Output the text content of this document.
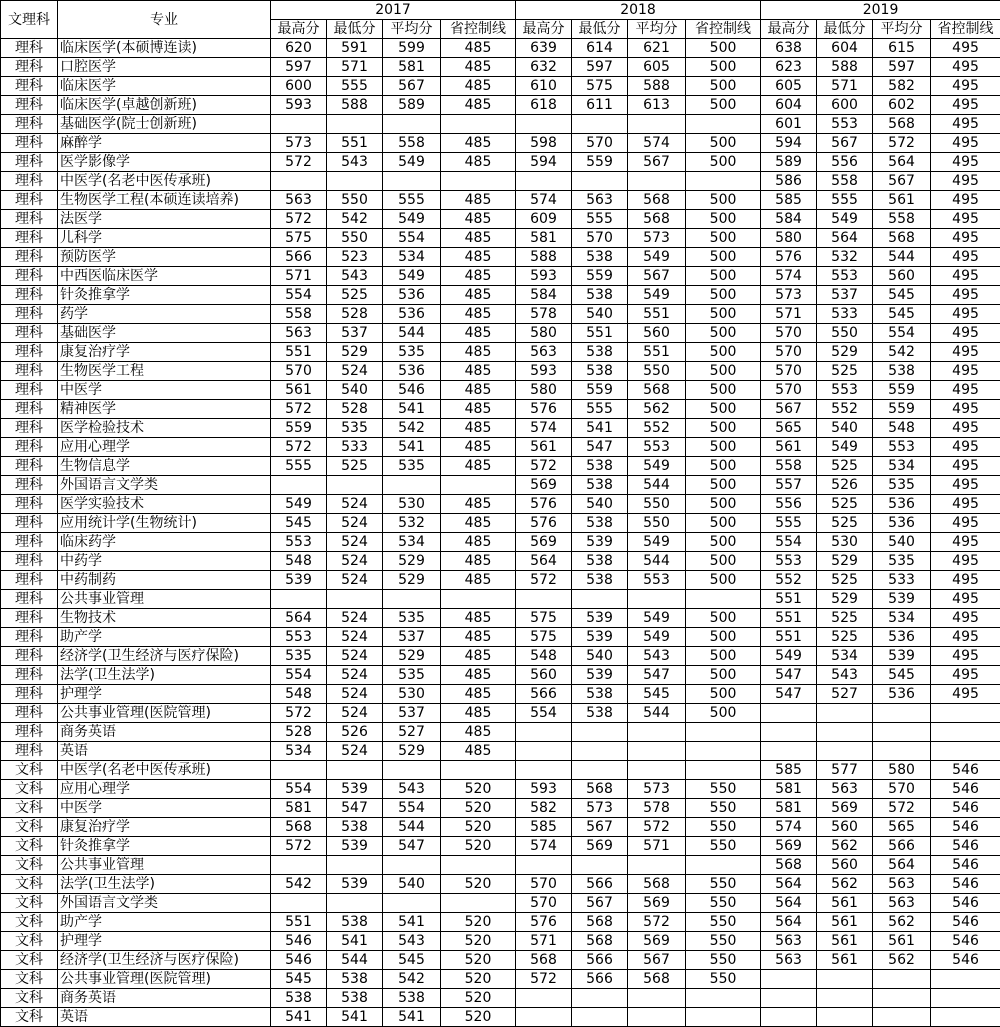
文理科	专业	2017				2018				2019			
		最高分	最低分	平均分	省控制线	最高分	最低分	平均分	省控制线	最高分	最低分	平均分	省控制线
理科	临床医学(本硕博连读)	620	591	599	485	639	614	621	500	638	604	615	495
理科	口腔医学	597	571	581	485	632	597	605	500	623	588	597	495
理科	临床医学	600	555	567	485	610	575	588	500	605	571	582	495
理科	临床医学(卓越创新班)	593	588	589	485	618	611	613	500	604	600	602	495
理科	基础医学(院士创新班)									601	553	568	495
理科	麻醉学	573	551	558	485	598	570	574	500	594	567	572	495
理科	医学影像学	572	543	549	485	594	559	567	500	589	556	564	495
理科	中医学(名老中医传承班)									586	558	567	495
理科	生物医学工程(本硕连读培养)	563	550	555	485	574	563	568	500	585	555	561	495
理科	法医学	572	542	549	485	609	555	568	500	584	549	558	495
理科	儿科学	575	550	554	485	581	570	573	500	580	564	568	495
理科	预防医学	566	523	534	485	588	538	549	500	576	532	544	495
理科	中西医临床医学	571	543	549	485	593	559	567	500	574	553	560	495
理科	针灸推拿学	554	525	536	485	584	538	549	500	573	537	545	495
理科	药学	558	528	536	485	578	540	551	500	571	533	545	495
理科	基础医学	563	537	544	485	580	551	560	500	570	550	554	495
理科	康复治疗学	551	529	535	485	563	538	551	500	570	529	542	495
理科	生物医学工程	570	524	536	485	593	538	550	500	570	525	538	495
理科	中医学	561	540	546	485	580	559	568	500	570	553	559	495
理科	精神医学	572	528	541	485	576	555	562	500	567	552	559	495
理科	医学检验技术	559	535	542	485	574	541	552	500	565	540	548	495
理科	应用心理学	572	533	541	485	561	547	553	500	561	549	553	495
理科	生物信息学	555	525	535	485	572	538	549	500	558	525	534	495
理科	外国语言文学类					569	538	544	500	557	526	535	495
理科	医学实验技术	549	524	530	485	576	540	550	500	556	525	536	495
理科	应用统计学(生物统计)	545	524	532	485	576	538	550	500	555	525	536	495
理科	临床药学	553	524	534	485	569	539	549	500	554	530	540	495
理科	中药学	548	524	529	485	564	538	544	500	553	529	535	495
理科	中药制药	539	524	529	485	572	538	553	500	552	525	533	495
理科	公共事业管理									551	529	539	495
理科	生物技术	564	524	535	485	575	539	549	500	551	525	534	495
理科	助产学	553	524	537	485	575	539	549	500	551	525	536	495
理科	经济学(卫生经济与医疗保险)	535	524	529	485	548	540	543	500	549	534	539	495
理科	法学(卫生法学)	554	524	535	485	560	539	547	500	547	543	545	495
理科	护理学	548	524	530	485	566	538	545	500	547	527	536	495
理科	公共事业管理(医院管理)	572	524	537	485	554	538	544	500				
理科	商务英语	528	526	527	485								
理科	英语	534	524	529	485								
文科	中医学(名老中医传承班)									585	577	580	546
文科	应用心理学	554	539	543	520	593	568	573	550	581	563	570	546
文科	中医学	581	547	554	520	582	573	578	550	581	569	572	546
文科	康复治疗学	568	538	544	520	585	567	572	550	574	560	565	546
文科	针灸推拿学	572	539	547	520	574	569	571	550	569	562	566	546
文科	公共事业管理									568	560	564	546
文科	法学(卫生法学)	542	539	540	520	570	566	568	550	564	562	563	546
文科	外国语言文学类					570	567	569	550	564	561	563	546
文科	助产学	551	538	541	520	576	568	572	550	564	561	562	546
文科	护理学	546	541	543	520	571	568	569	550	563	561	561	546
文科	经济学(卫生经济与医疗保险)	546	544	545	520	568	566	567	550	563	561	562	546
文科	公共事业管理(医院管理)	545	538	542	520	572	566	568	550				
文科	商务英语	538	538	538	520								
文科	英语	541	541	541	520								
